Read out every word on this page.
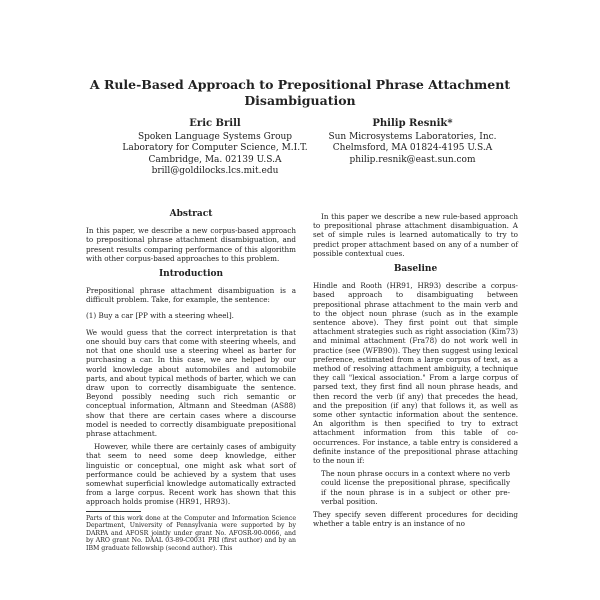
A Rule-Based Approach to Prepositional Phrase Attachment Disambiguation
Eric Brill
Spoken Language Systems Group
Laboratory for Computer Science, M.I.T.
Cambridge, Ma. 02139 U.S.A
brill@goldilocks.lcs.mit.edu
Philip Resnik*
Sun Microsystems Laboratories, Inc.
Chelmsford, MA 01824-4195 U.S.A
philip.resnik@east.sun.com
Abstract

In this paper, we describe a new corpus-based approach to prepositional phrase attachment disambiguation, and present results comparing performance of this algorithm with other corpus-based approaches to this problem.

Introduction

Prepositional phrase attachment disambiguation is a difficult problem. Take, for example, the sentence:

(1) Buy a car [PP with a steering wheel].

We would guess that the correct interpretation is that one should buy cars that come with steering wheels, and not that one should use a steering wheel as barter for purchasing a car. In this case, we are helped by our world knowledge about automobiles and automobile parts, and about typical methods of barter, which we can draw upon to correctly disambiguate the sentence. Beyond possibly needing such rich semantic or conceptual information, Altmann and Steedman (AS88) show that there are certain cases where a discourse model is needed to correctly disambiguate prepositional phrase attachment.

However, while there are certainly cases of ambiguity that seem to need some deep knowledge, either linguistic or conceptual, one might ask what sort of performance could be achieved by a system that uses somewhat superficial knowledge automatically extracted from a large corpus. Recent work has shown that this approach holds promise (HR91, HR93).

Parts of this work done at the Computer and Information Science Department, University of Pennsylvania were supported by by DARPA and AFOSR jointly under grant No. AFOSR-90-0066, and by ARO grant No. DAAL 03-89-C0031 PRI (first author) and by an IBM graduate fellowship (second author). This

In this paper we describe a new rule-based approach to prepositional phrase attachment disambiguation. A set of simple rules is learned automatically to try to predict proper attachment based on any of a number of possible contextual cues.

Baseline

Hindle and Rooth (HR91, HR93) describe a corpus-based approach to disambiguating between prepositional phrase attachment to the main verb and to the object noun phrase (such as in the example sentence above). They first point out that simple attachment strategies such as right association (Kim73) and minimal attachment (Fra78) do not work well in practice (see (WFB90)). They then suggest using lexical preference, estimated from a large corpus of text, as a method of resolving attachment ambiguity, a technique they call "lexical association." From a large corpus of parsed text, they first find all noun phrase heads, and then record the verb (if any) that precedes the head, and the preposition (if any) that follows it, as well as some other syntactic information about the sentence. An algorithm is then specified to try to extract attachment information from this table of co-occurrences. For instance, a table entry is considered a definite instance of the prepositional phrase attaching to the noun if:

The noun phrase occurs in a context where no verb could license the prepositional phrase, specifically if the noun phrase is in a subject or other pre-verbal position.

They specify seven different procedures for deciding whether a table entry is an instance of no
